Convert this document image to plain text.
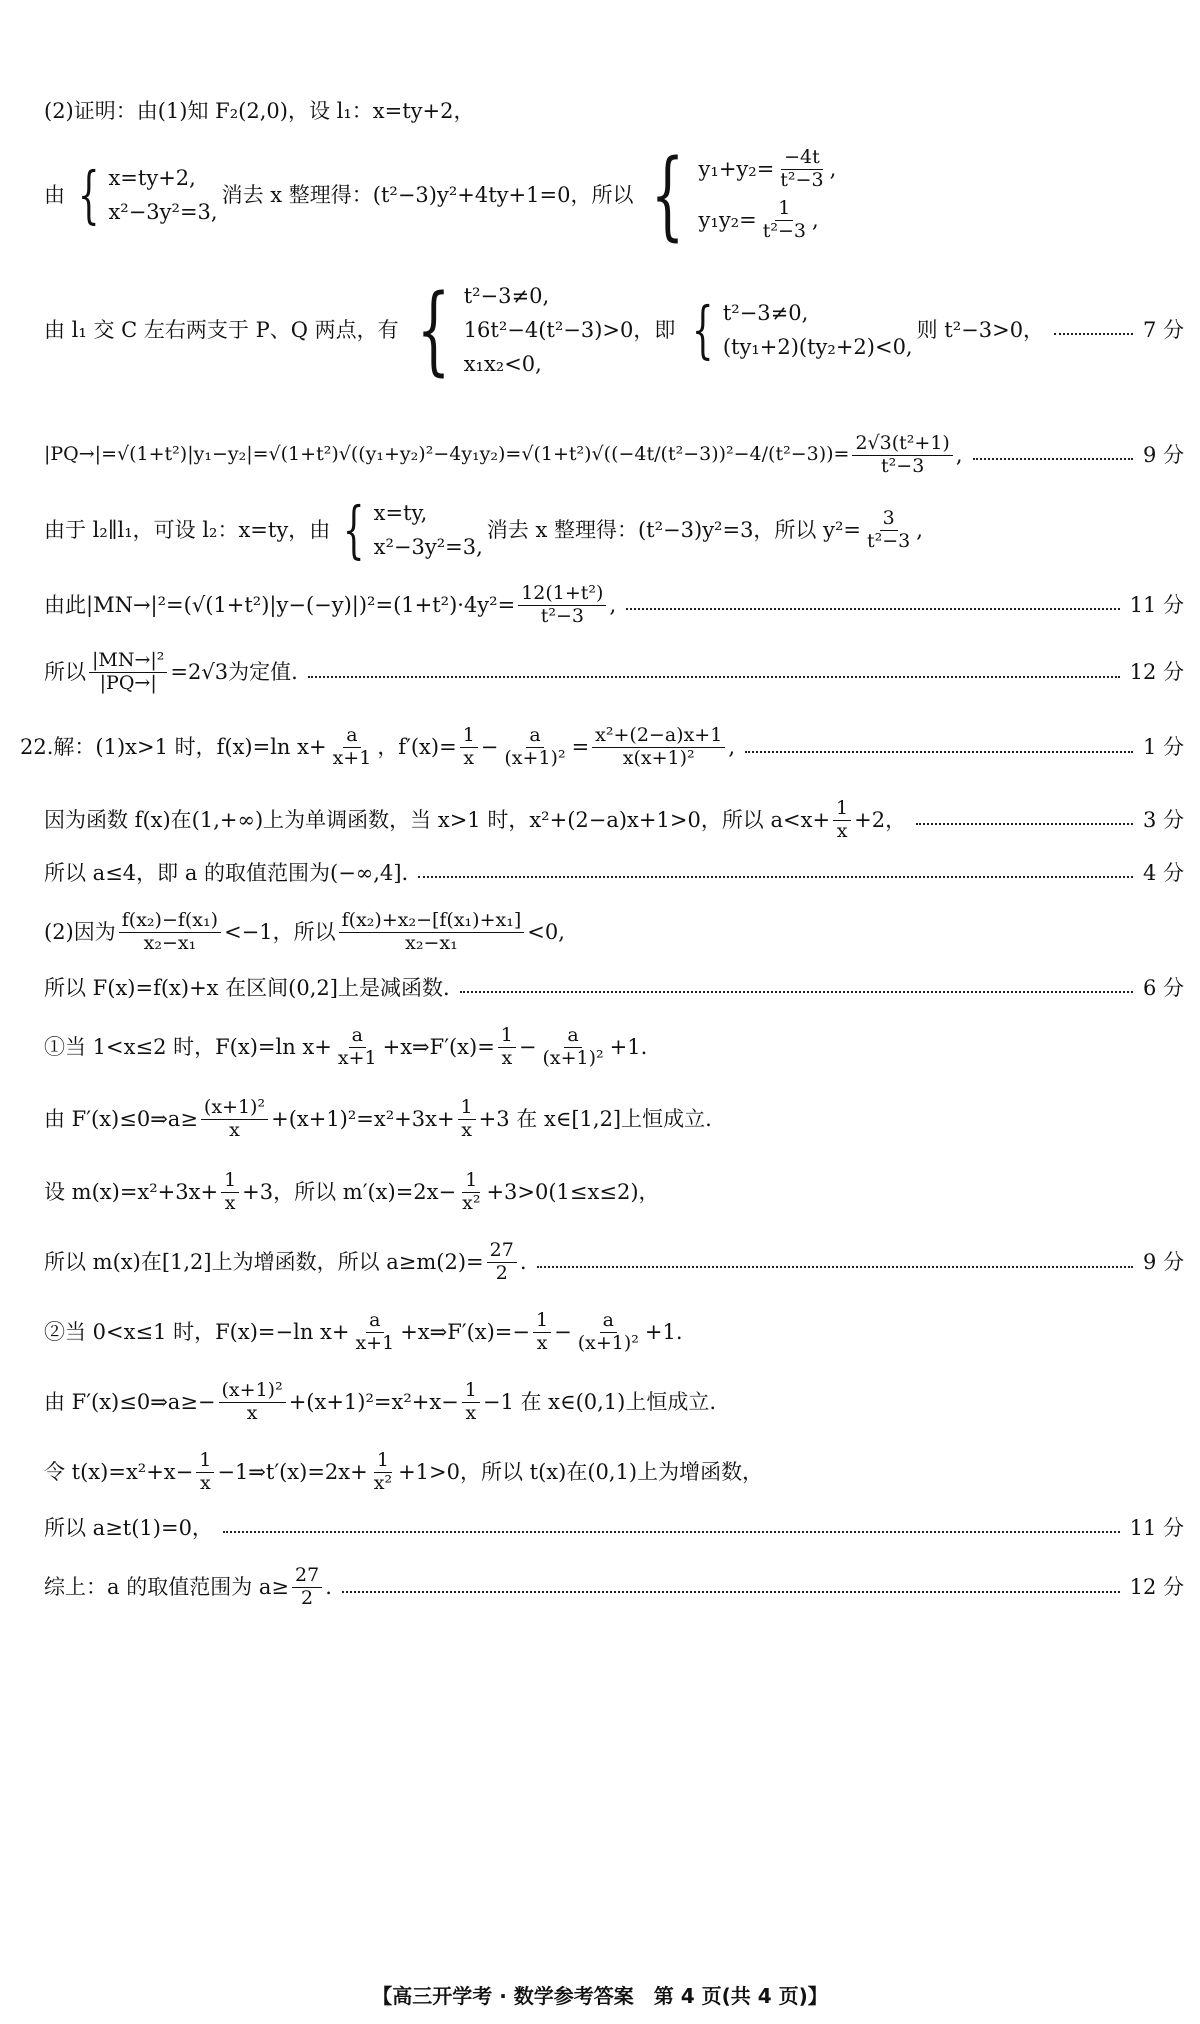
(2)证明：由(1)知 F₂(2,0)，设 l₁：x=ty+2，
由 { x=ty+2,
x²−3y²=3,
消去 x 整理得：(t²−3)y²+4ty+1=0，所以 { $y_1+y_2= \frac{-4t}{\text{t²−3}}$ ,
$y_1y_2= \frac{1}{\text{t²−3}}$ ,
由 l₁ 交 C 左右两支于 P、Q 两点，有 { t²−3≠0,
16t²−4(t²−3)>0，即
x₁x₂<0,	{ t²−3≠0,
(ty₁+2)(ty₂+2)<0,
则 t²−3>0，	7 分
$|PQ\to|=√(1+t^2)|y_1-y_2|=√(1+t^2)√((y_1+y_2)^2-4y_1y_2)=√(1+t^2)√((-4t/(t^2-3))^2-4/(t^2-3))= \frac{\text{2√3(t²+1)}}{\text{t²−3}}$ ,	9 分
由于 l₂∥l₁，可设 l₂：x=ty，由 { x=ty,
x²−3y²=3,
消去 x 整理得：(t²−3)y²=3，所以 $y^2= \frac{3}{\text{t²−3}}$ ,
由此$|MN\to|^2=(√(1+t^2)|y-(-y)|)^2=(1+t^2)\cdot 4y^2= \frac{\text{12(1+t²)}}{\text{t²−3}}$ ,	11 分
所以 $\frac{\text{|MN→|²}}{|PQ\to|} =2√3$为定值.	12 分
22.解：(1)x>1 时，f(x)=ln $x+ \frac{a}{x+1}$ ，$f'(x)= \frac{1}{x} - \frac{a}{\text{(x+1)²}} = \frac{\text{x²+(2−a)x+1}}{\text{x(x+1)²}}$ ,	1 分
因为函数 f(x)在(1,+∞)上为单调函数，当 x>1 时，x²+(2−a)x+1>0，所以 $a<x+ \frac{1}{x} +2$，	3 分
所以 a≤4，即 a 的取值范围为(−∞,4].	4 分
(2)因为 $\frac{\text{f(x₂)−f(x₁)}}{\text{x₂−x₁}} <-1$，所以 $\frac{\text{f(x₂)+x₂−[f(x₁)+x₁]}}{\text{x₂−x₁}} <0$,
所以 F(x)=f(x)+x 在区间(0,2]上是减函数.	6 分
①当 1<x≤2 时，F(x)=ln $x+ \frac{a}{x+1}$ +x⇒F′(x)= $\frac{1}{x} - \frac{a}{\text{(x+1)²}} +1$.
由 F′(x)≤0⇒a≥ $\frac{\text{(x+1)²}}{x} +(x+1)^2=x^2+3x+ \frac{1}{x} +3$ 在 x∈[1,2]上恒成立.
设 $m(x)=x^2+3x+ \frac{1}{x} +3$，所以 $m'(x)=2x- \frac{1}{\text{x²}} +3>0(1\le x\le 2)$，
所以 m(x)在[1,2]上为增函数，所以 $a\ge m(2)= \frac{27}{2}$ .	9 分
②当 0<x≤1 时，F(x)=−ln $x+ \frac{a}{x+1}$ +x⇒F′(x)=− $\frac{1}{x} - \frac{a}{\text{(x+1)²}} +1$.
由 F′(x)≤0⇒a≥− $\frac{\text{(x+1)²}}{x} +(x+1)^2=x^2+x- \frac{1}{x} -1$ 在 x∈(0,1)上恒成立.
令 $t(x)=x^2+x- \frac{1}{x}$ −1⇒t′(x)=2x+ $\frac{1}{\text{x²}} +1>0$，所以 t(x)在(0,1)上为增函数，
所以 a≥t(1)=0，	11 分
综上：a 的取值范围为 $a\ge \frac{27}{2}$ .	12 分
【高三开学考 · 数学参考答案　第 4 页(共 4 页)】
